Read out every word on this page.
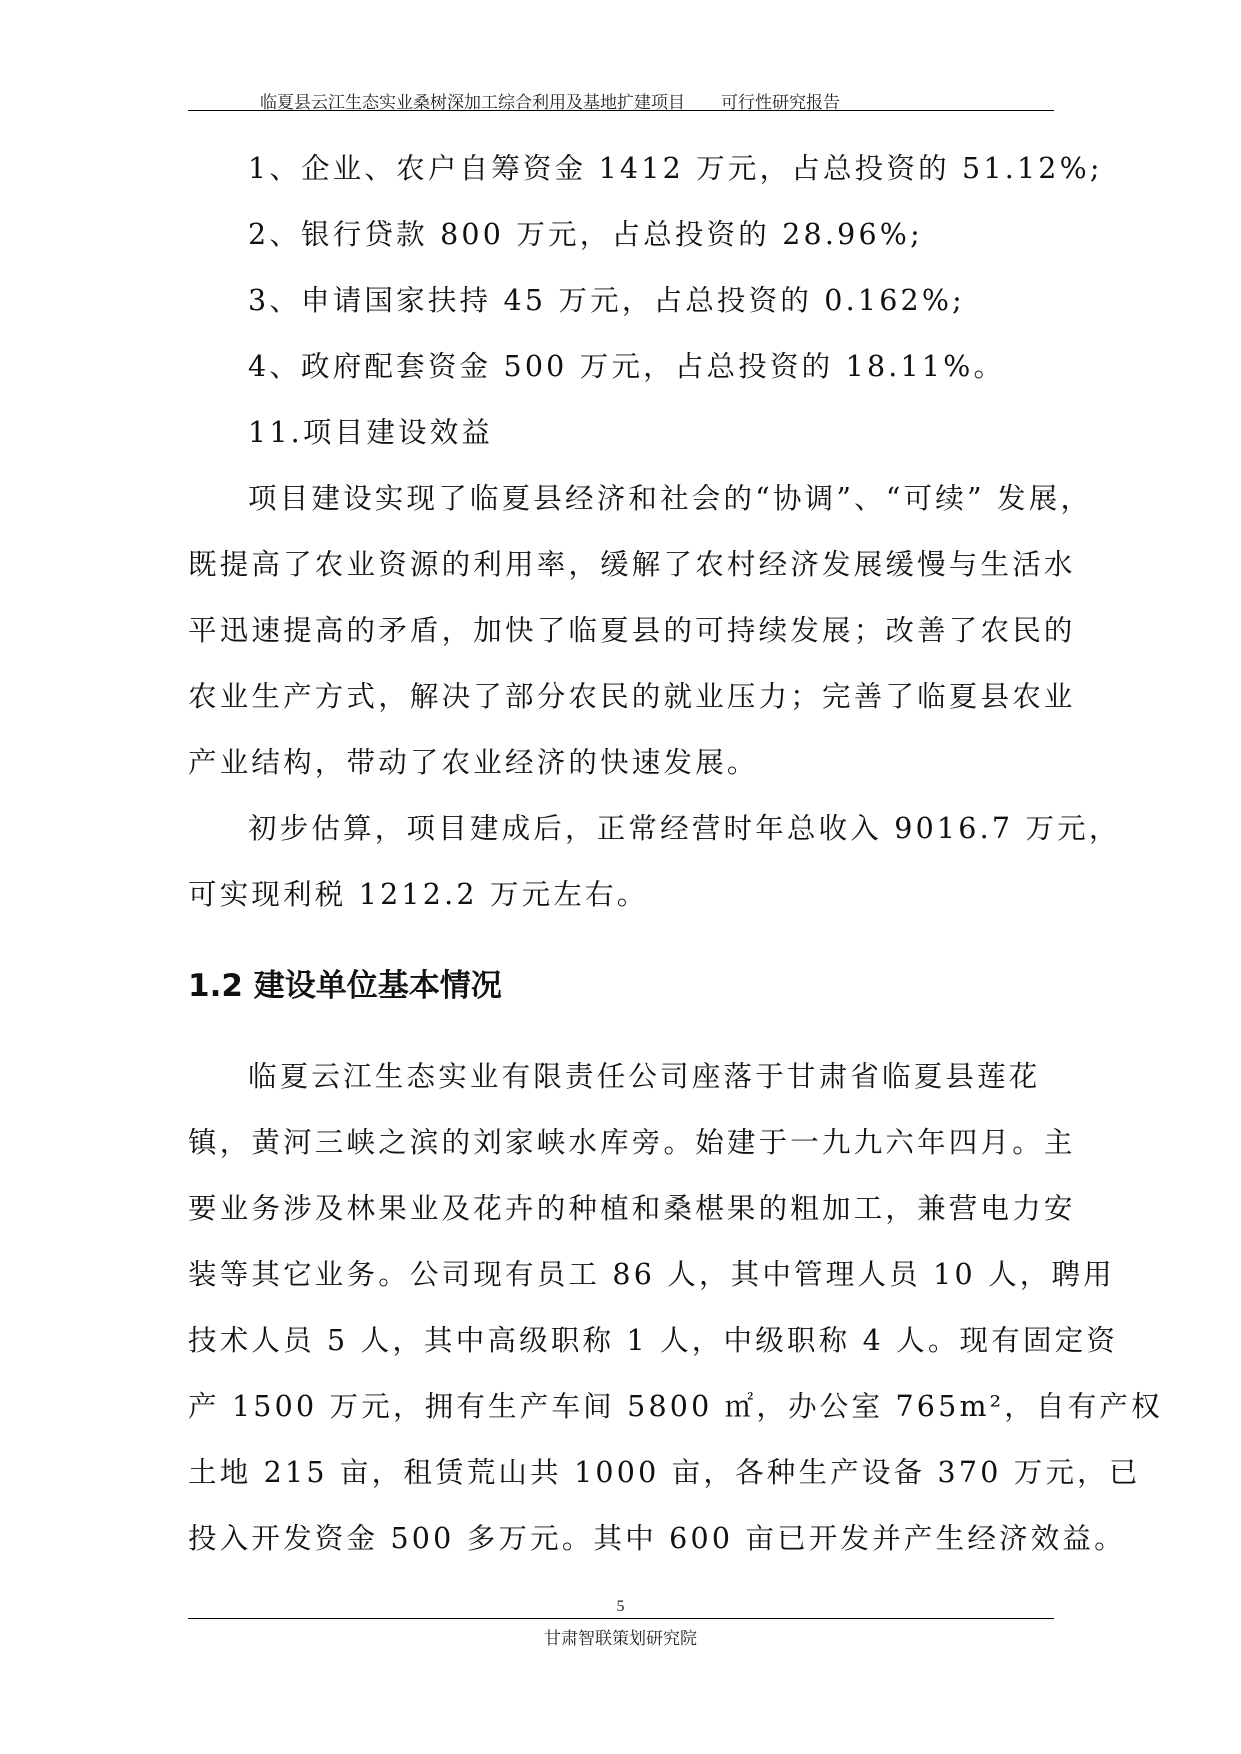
临夏县云江生态实业桑树深加工综合利用及基地扩建项目 可行性研究报告
1、企业、农户自筹资金 1412 万元，占总投资的 51.12%;
2、银行贷款 800 万元，占总投资的 28.96%;
3、申请国家扶持 45 万元，占总投资的 0.162%;
4、政府配套资金 500 万元，占总投资的 18.11%。
11.项目建设效益
项目建设实现了临夏县经济和社会的“协调”、“可续” 发展，
既提高了农业资源的利用率，缓解了农村经济发展缓慢与生活水
平迅速提高的矛盾，加快了临夏县的可持续发展；改善了农民的
农业生产方式，解决了部分农民的就业压力；完善了临夏县农业
产业结构，带动了农业经济的快速发展。
初步估算，项目建成后，正常经营时年总收入 9016.7 万元，
可实现利税 1212.2 万元左右。
1.2 建设单位基本情况
临夏云江生态实业有限责任公司座落于甘肃省临夏县莲花
镇，黄河三峡之滨的刘家峡水库旁。始建于一九九六年四月。主
要业务涉及林果业及花卉的种植和桑椹果的粗加工，兼营电力安
装等其它业务。公司现有员工 86 人，其中管理人员 10 人，聘用
技术人员 5 人，其中高级职称 1 人，中级职称 4 人。现有固定资
产 1500 万元，拥有生产车间 5800 ㎡，办公室 765m²，自有产权
土地 215 亩，租赁荒山共 1000 亩，各种生产设备 370 万元，已
投入开发资金 500 多万元。其中 600 亩已开发并产生经济效益。
5
甘肃智联策划研究院
